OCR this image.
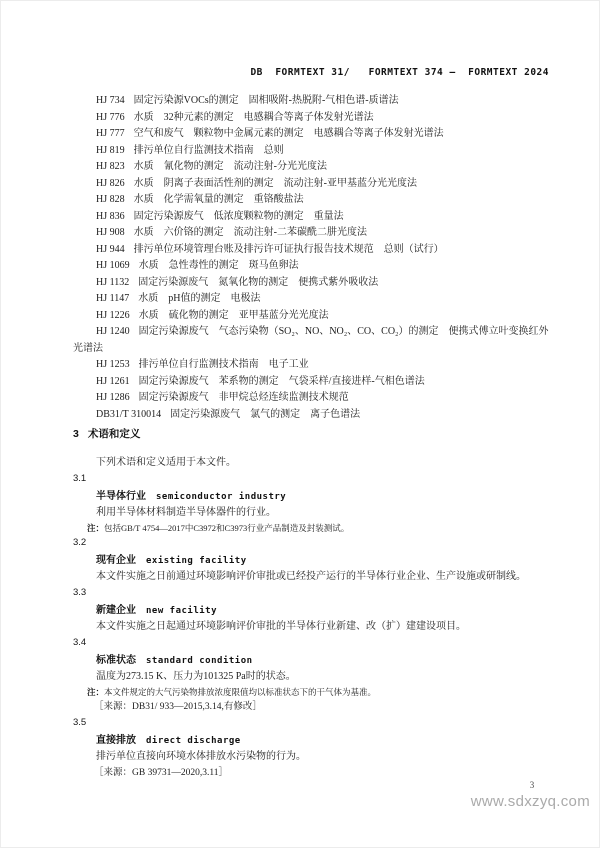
DB  FORMTEXT 31/   FORMTEXT 374 —  FORMTEXT 2024

HJ 734 固定污染源VOCs的测定　固相吸附-热脱附-气相色谱-质谱法

HJ 776 水质　32种元素的测定　电感耦合等离子体发射光谱法

HJ 777 空气和废气　颗粒物中金属元素的测定　电感耦合等离子体发射光谱法

HJ 819 排污单位自行监测技术指南　总则

HJ 823 水质　氰化物的测定　流动注射-分光光度法

HJ 826 水质　阴离子表面活性剂的测定　流动注射-亚甲基蓝分光光度法

HJ 828 水质　化学需氧量的测定　重铬酸盐法

HJ 836 固定污染源废气　低浓度颗粒物的测定　重量法

HJ 908 水质　六价铬的测定　流动注射-二苯碳酰二肼光度法

HJ 944 排污单位环境管理台账及排污许可证执行报告技术规范　总则（试行）

HJ 1069 水质　急性毒性的测定　斑马鱼卵法

HJ 1132 固定污染源废气　氮氧化物的测定　便携式紫外吸收法

HJ 1147 水质　pH值的测定　电极法

HJ 1226 水质　硫化物的测定　亚甲基蓝分光光度法

HJ 1240 固定污染源废气　气态污染物（SO₂、NO、NO₂、CO、CO₂）的测定　便携式傅立叶变换红外光谱法

HJ 1253 排污单位自行监测技术指南　电子工业

HJ 1261 固定污染源废气　苯系物的测定　气袋采样/直接进样-气相色谱法

HJ 1286 固定污染源废气　非甲烷总烃连续监测技术规范

DB31/T 310014 固定污染源废气　氯气的测定　离子色谱法

3 术语和定义

下列术语和定义适用于本文件。

3.1
半导体行业 semiconductor industry

利用半导体材料制造半导体器件的行业。

注：包括GB/T 4754—2017中C3972和C3973行业产品制造及封装测试。

3.2
现有企业 existing facility

本文件实施之日前通过环境影响评价审批或已经投产运行的半导体行业企业、生产设施或研制线。

3.3
新建企业 new facility

本文件实施之日起通过环境影响评价审批的半导体行业新建、改（扩）建建设项目。

3.4
标准状态 standard condition

温度为273.15 K、压力为101325 Pa时的状态。

注：本文件规定的大气污染物排放浓度限值均以标准状态下的干气体为基准。

［来源：DB31/ 933—2015,3.14,有修改］

3.5
直接排放 direct discharge

排污单位直接向环境水体排放水污染物的行为。

［来源：GB 39731—2020,3.11］

3
www.sdxzyq.com
